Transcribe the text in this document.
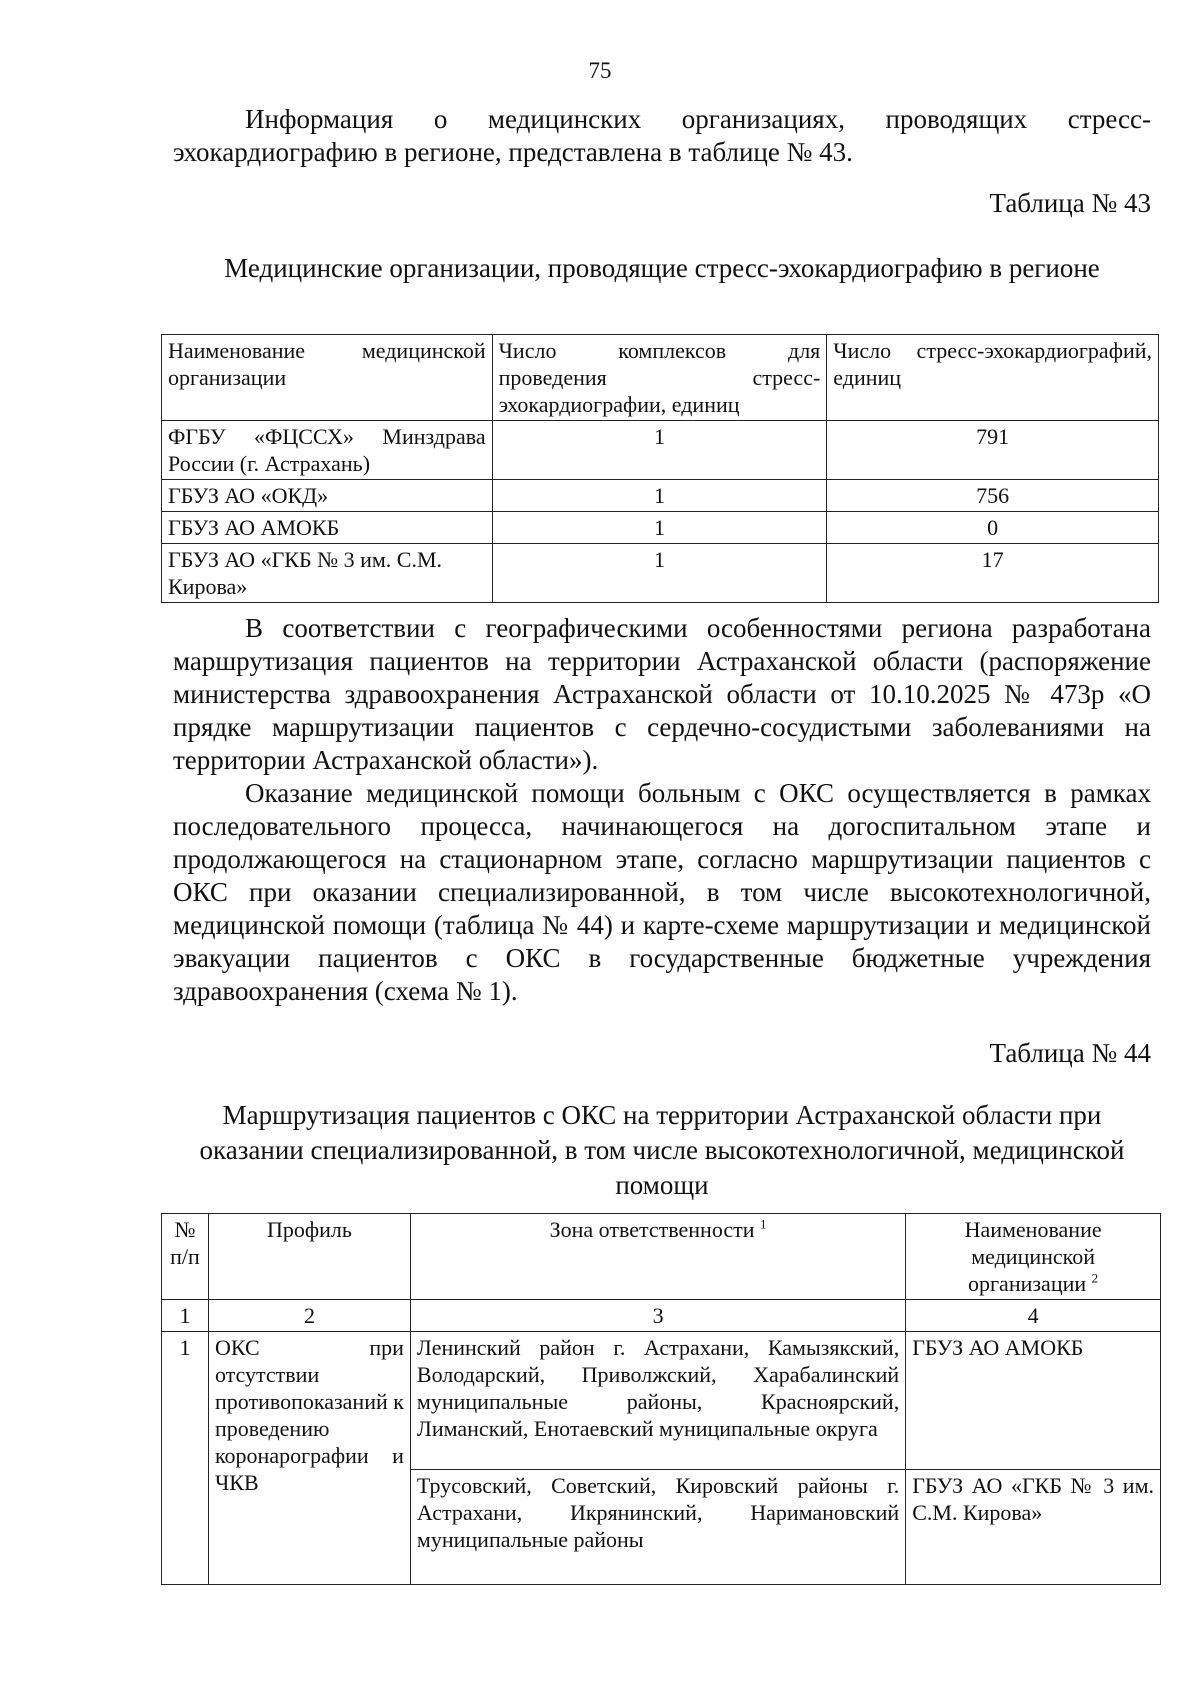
75

Информация о медицинских организациях, проводящих стресс-эхокардиографию в регионе, представлена в таблице № 43.

Таблица № 43
Медицинские организации, проводящие стресс-эхокардиографию в регионе
Наименование медицинской организации	Число комплексов для проведения стресс-эхокардиографии, единиц	Число стресс-эхокардиографий, единиц
ФГБУ «ФЦССХ» Минздрава России (г. Астрахань)	1	791
ГБУЗ АО «ОКД»	1	756
ГБУЗ АО АМОКБ	1	0
ГБУЗ АО «ГКБ № 3 им. С.М. Кирова»	1	17

В соответствии с географическими особенностями региона разработана маршрутизация пациентов на территории Астраханской области (распоряжение министерства здравоохранения Астраханской области от 10.10.2025 № 473р «О прядке маршрутизации пациентов с сердечно-сосудистыми заболеваниями на территории Астраханской области»).

Оказание медицинской помощи больным с ОКС осуществляется в рамках последовательного процесса, начинающегося на догоспитальном этапе и продолжающегося на стационарном этапе, согласно маршрутизации пациентов с ОКС при оказании специализированной, в том числе высокотехнологичной, медицинской помощи (таблица № 44) и карте-схеме маршрутизации и медицинской эвакуации пациентов с ОКС в государственные бюджетные учреждения здравоохранения (схема № 1).

Таблица № 44
Маршрутизация пациентов с ОКС на территории Астраханской области при оказании специализированной, в том числе высокотехнологичной, медицинской помощи
№ п/п	Профиль	Зона ответственности $^1$	Наименование медицинской организации $^2$
1	2	3	4
1	ОКС при отсутствии противопоказаний к проведению коронарографии и ЧКВ	Ленинский район г. Астрахани, Камызякский, Володарский, Приволжский, Харабалинский муниципальные районы, Красноярский, Лиманский, Енотаевский муниципальные округа	ГБУЗ АО АМОКБ
		Трусовский, Советский, Кировский районы г. Астрахани, Икрянинский, Наримановский муниципальные районы	ГБУЗ АО «ГКБ № 3 им. С.М. Кирова»
